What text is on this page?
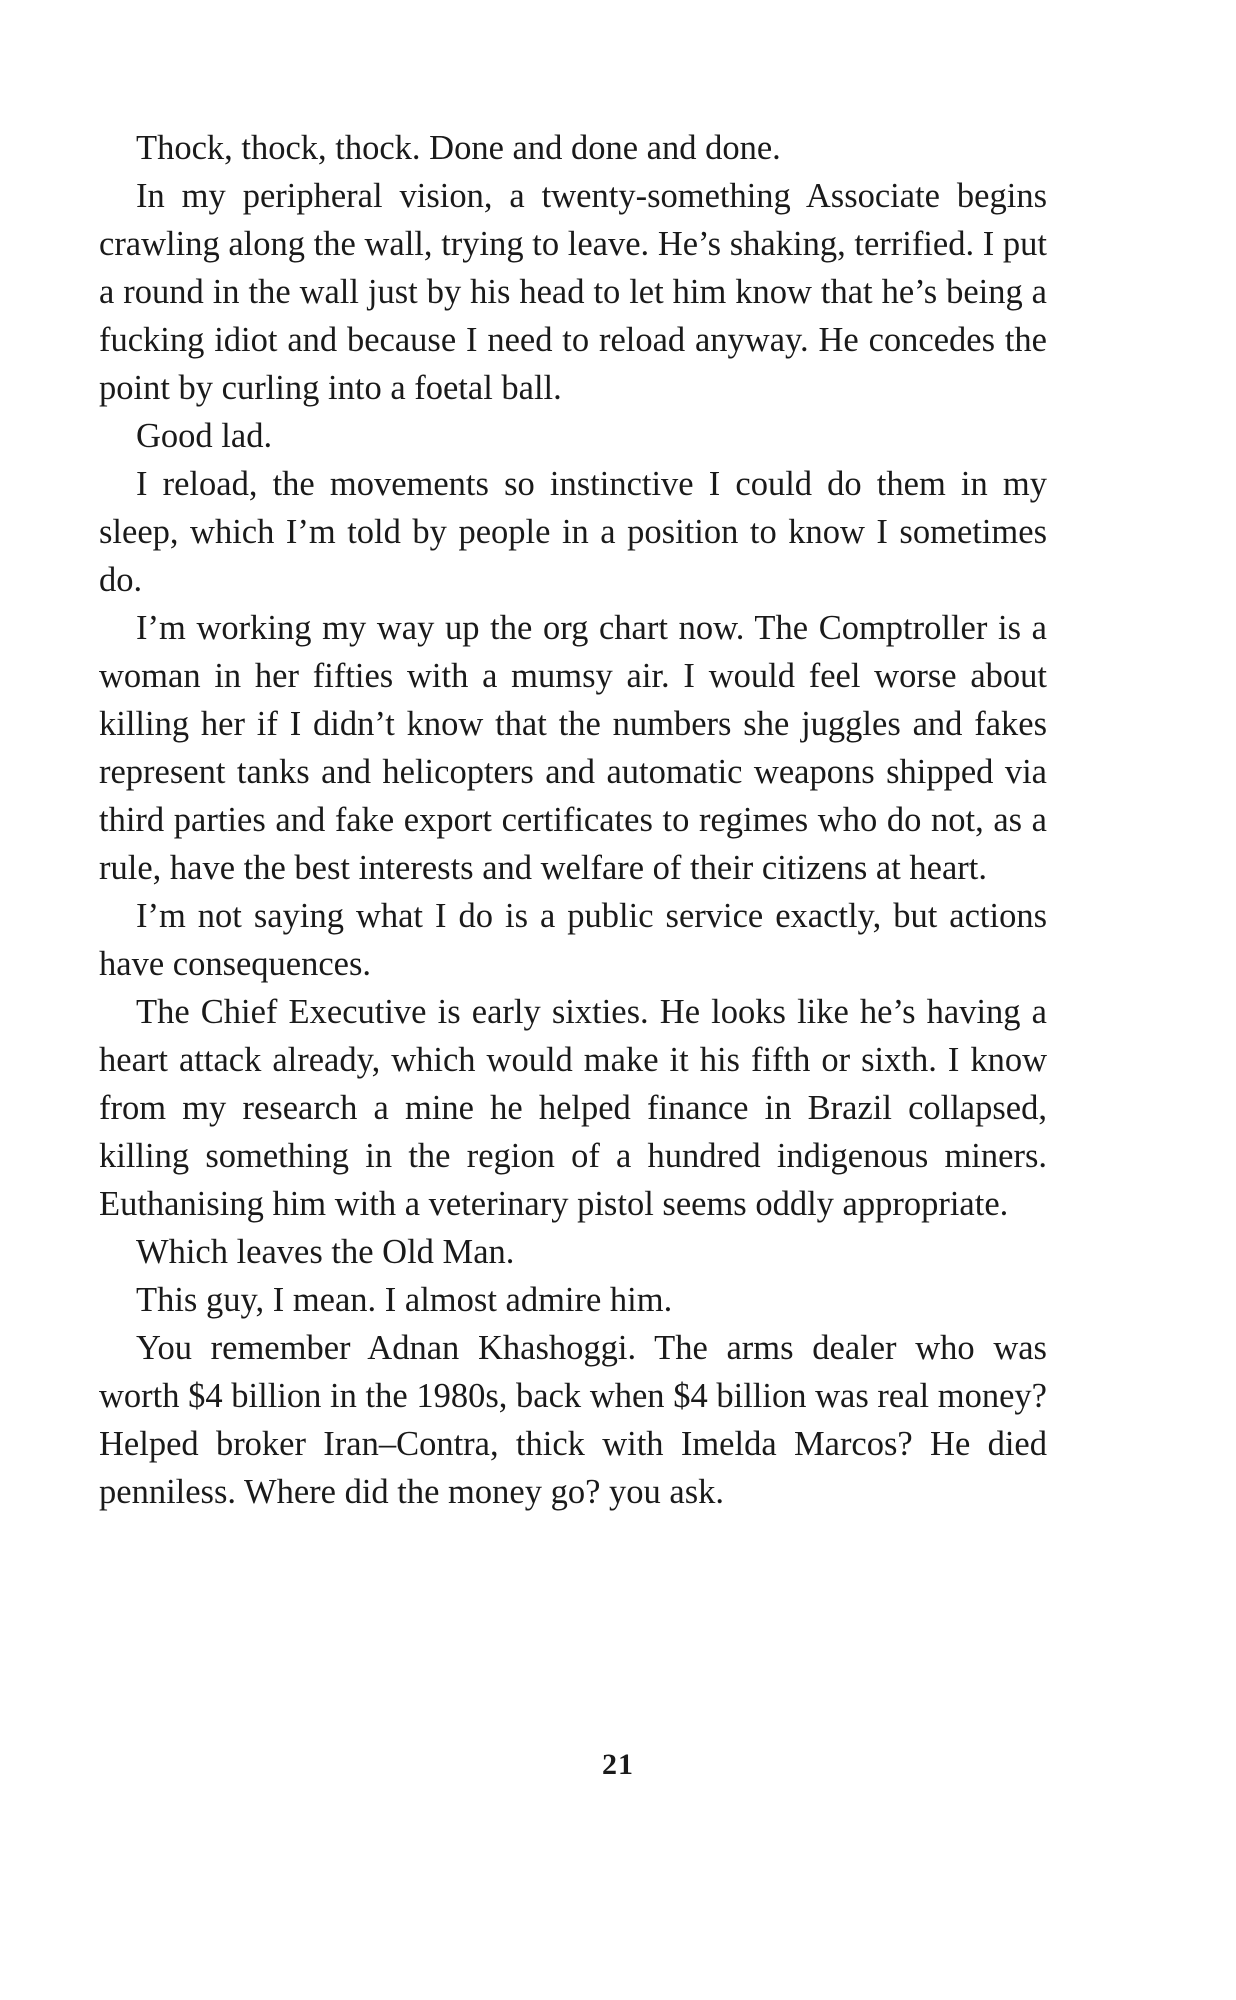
Thock, thock, thock. Done and done and done.

In my peripheral vision, a twenty-something Associate begins crawling along the wall, trying to leave. He’s shaking, terrified. I put a round in the wall just by his head to let him know that he’s being a fucking idiot and because I need to reload anyway. He concedes the point by curling into a foetal ball.

Good lad.

I reload, the movements so instinctive I could do them in my sleep, which I’m told by people in a position to know I sometimes do.

I’m working my way up the org chart now. The Comptroller is a woman in her fifties with a mumsy air. I would feel worse about killing her if I didn’t know that the numbers she juggles and fakes represent tanks and helicopters and automatic weapons shipped via third parties and fake export certificates to regimes who do not, as a rule, have the best interests and welfare of their citizens at heart.

I’m not saying what I do is a public service exactly, but actions have consequences.

The Chief Executive is early sixties. He looks like he’s having a heart attack already, which would make it his fifth or sixth. I know from my research a mine he helped finance in Brazil collapsed, killing something in the region of a hundred indigenous miners. Euthanising him with a veterinary pistol seems oddly appropriate.

Which leaves the Old Man.

This guy, I mean. I almost admire him.

You remember Adnan Khashoggi. The arms dealer who was worth $4 billion in the 1980s, back when $4 billion was real money? Helped broker Iran–Contra, thick with Imelda Marcos? He died penniless. Where did the money go? you ask.

21
